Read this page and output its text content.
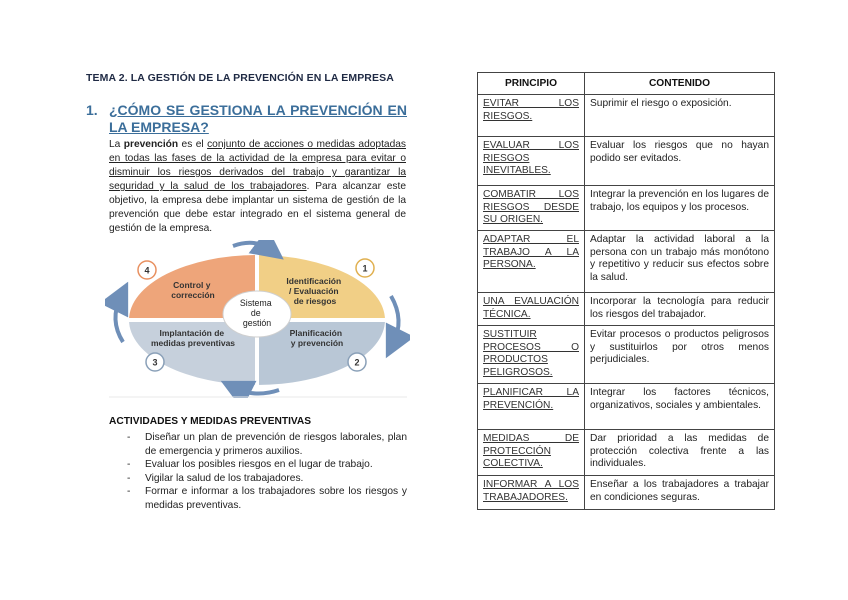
TEMA 2. LA GESTIÓN DE LA PREVENCIÓN EN LA EMPRESA
1. ¿CÓMO SE GESTIONA LA PREVENCIÓN EN LA EMPRESA?
La prevención es el conjunto de acciones o medidas adoptadas en todas las fases de la actividad de la empresa para evitar o disminuir los riesgos derivados del trabajo y garantizar la seguridad y la salud de los trabajadores. Para alcanzar este objetivo, la empresa debe implantar un sistema de gestión de la prevención que debe estar integrado en el sistema general de gestión de la empresa.
Control y corrección
Identificación / Evaluación de riesgos
Implantación de medidas preventivas
Planificación y prevención
Sistema de gestión
4	1
2
3
ACTIVIDADES Y MEDIDAS PREVENTIVAS
- Diseñar un plan de prevención de riesgos laborales, plan de emergencia y primeros auxilios.
- Evaluar los posibles riesgos en el lugar de trabajo.
- Vigilar la salud de los trabajadores.
- Formar e informar a los trabajadores sobre los riesgos y medidas preventivas.
PRINCIPIO	CONTENIDO
EVITAR LOS RIESGOS.	Suprimir el riesgo o exposición.
EVALUAR LOS RIESGOS INEVITABLES.	Evaluar los riesgos que no hayan podido ser evitados.
COMBATIR LOS RIESGOS DESDE SU ORIGEN.	Integrar la prevención en los lugares de trabajo, los equipos y los procesos.
ADAPTAR EL TRABAJO A LA PERSONA.	Adaptar la actividad laboral a la persona con un trabajo más monótono y repetitivo y reducir sus efectos sobre la salud.
UNA EVALUACIÓN TÉCNICA.	Incorporar la tecnología para reducir los riesgos del trabajador.
SUSTITUIR PROCESOS O PRODUCTOS PELIGROSOS.	Evitar procesos o productos peligrosos y sustituirlos por otros menos perjudiciales.
PLANIFICAR LA PREVENCIÓN.	Integrar los factores técnicos, organizativos, sociales y ambientales.
MEDIDAS DE PROTECCIÓN COLECTIVA.	Dar prioridad a las medidas de protección colectiva frente a las individuales.
INFORMAR A LOS TRABAJADORES.	Enseñar a los trabajadores a trabajar en condiciones seguras.
